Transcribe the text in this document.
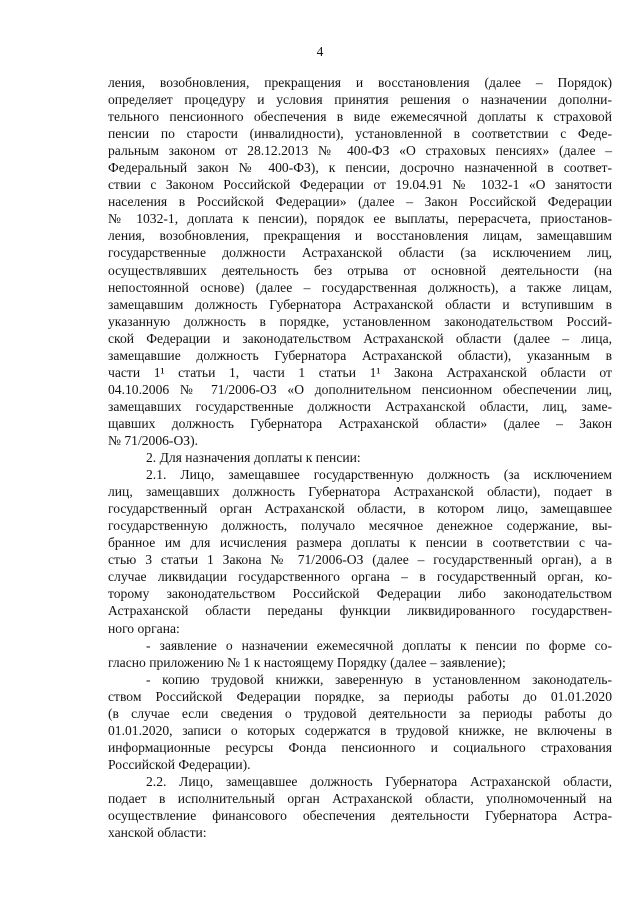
4

ления, возобновления, прекращения и восстановления (далее – Порядок)
определяет процедуру и условия принятия решения о назначении дополни-
тельного пенсионного обеспечения в виде ежемесячной доплаты к страховой
пенсии по старости (инвалидности), установленной в соответствии с Феде-
ральным законом от 28.12.2013 № 400-ФЗ «О страховых пенсиях» (далее –
Федеральный закон № 400-ФЗ), к пенсии, досрочно назначенной в соответ-
ствии с Законом Российской Федерации от 19.04.91 № 1032-1 «О занятости
населения в Российской Федерации» (далее – Закон Российской Федерации
№ 1032-1, доплата к пенсии), порядок ее выплаты, перерасчета, приостанов-
ления, возобновления, прекращения и восстановления лицам, замещавшим
государственные должности Астраханской области (за исключением лиц,
осуществлявших деятельность без отрыва от основной деятельности (на
непостоянной основе) (далее – государственная должность), а также лицам,
замещавшим должность Губернатора Астраханской области и вступившим в
указанную должность в порядке, установленном законодательством Россий-
ской Федерации и законодательством Астраханской области (далее – лица,
замещавшие должность Губернатора Астраханской области), указанным в
части 1¹ статьи 1, части 1 статьи 1¹ Закона Астраханской области от
04.10.2006 № 71/2006-ОЗ «О дополнительном пенсионном обеспечении лиц,
замещавших государственные должности Астраханской области, лиц, заме-
щавших должность Губернатора Астраханской области» (далее – Закон
№ 71/2006-ОЗ).

2. Для назначения доплаты к пенсии:

2.1. Лицо, замещавшее государственную должность (за исключением
лиц, замещавших должность Губернатора Астраханской области), подает в
государственный орган Астраханской области, в котором лицо, замещавшее
государственную должность, получало месячное денежное содержание, вы-
бранное им для исчисления размера доплаты к пенсии в соответствии с ча-
стью 3 статьи 1 Закона № 71/2006-ОЗ (далее – государственный орган), а в
случае ликвидации государственного органа – в государственный орган, ко-
торому законодательством Российской Федерации либо законодательством
Астраханской области переданы функции ликвидированного государствен-
ного органа:

- заявление о назначении ежемесячной доплаты к пенсии по форме со-
гласно приложению № 1 к настоящему Порядку (далее – заявление);

- копию трудовой книжки, заверенную в установленном законодатель-
ством Российской Федерации порядке, за периоды работы до 01.01.2020
(в случае если сведения о трудовой деятельности за периоды работы до
01.01.2020, записи о которых содержатся в трудовой книжке, не включены в
информационные ресурсы Фонда пенсионного и социального страхования
Российской Федерации).

2.2. Лицо, замещавшее должность Губернатора Астраханской области,
подает в исполнительный орган Астраханской области, уполномоченный на
осуществление финансового обеспечения деятельности Губернатора Астра-
ханской области:
